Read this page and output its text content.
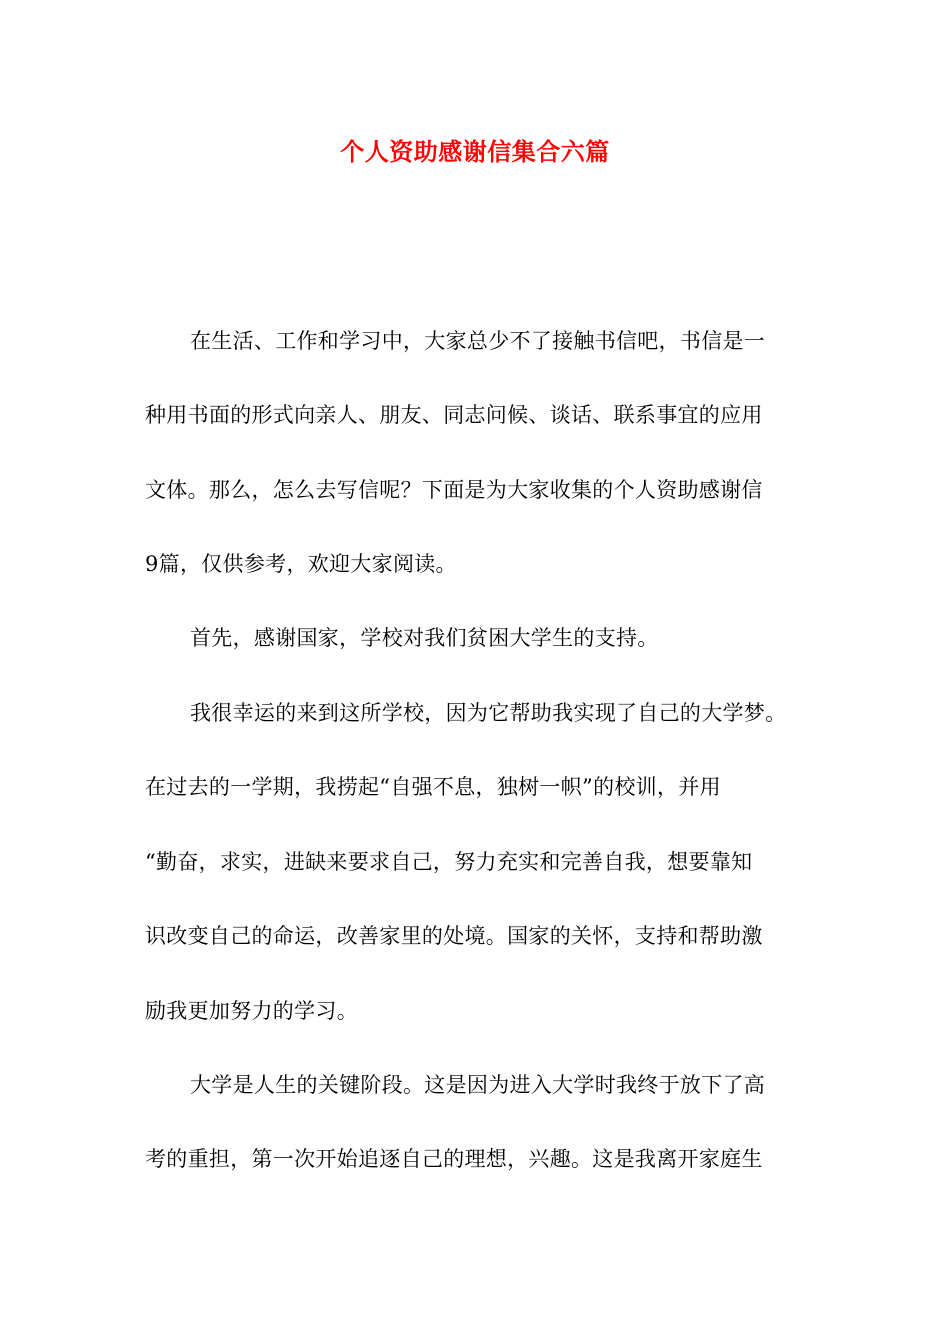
个人资助感谢信集合六篇
在生活、工作和学习中，大家总少不了接触书信吧，书信是一
种用书面的形式向亲人、朋友、同志问候、谈话、联系事宜的应用
文体。那么，怎么去写信呢？下面是为大家收集的个人资助感谢信
9篇，仅供参考，欢迎大家阅读。
首先，感谢国家，学校对我们贫困大学生的支持。
我很幸运的来到这所学校，因为它帮助我实现了自己的大学梦。
在过去的一学期，我捞起“自强不息，独树一帜”的校训，并用
“勤奋，求实，进缺来要求自己，努力充实和完善自我，想要靠知
识改变自己的命运，改善家里的处境。国家的关怀，支持和帮助激
励我更加努力的学习。
大学是人生的关键阶段。这是因为进入大学时我终于放下了高
考的重担，第一次开始追逐自己的理想，兴趣。这是我离开家庭生
